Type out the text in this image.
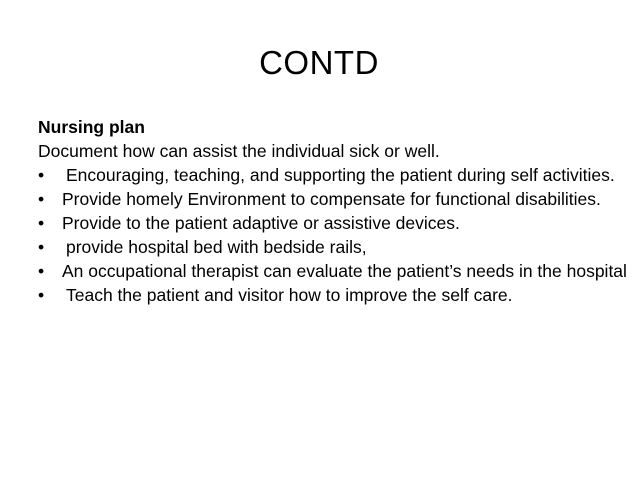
CONTD

Nursing plan

Document how can assist the individual sick or well.

• Encouraging, teaching, and supporting the patient during self activities.
• Provide homely Environment to compensate for functional disabilities.
• Provide to the patient adaptive or assistive devices.
• provide hospital bed with bedside rails,
• An occupational therapist can evaluate the patient’s needs in the hospital
• Teach the patient and visitor how to improve the self care.
